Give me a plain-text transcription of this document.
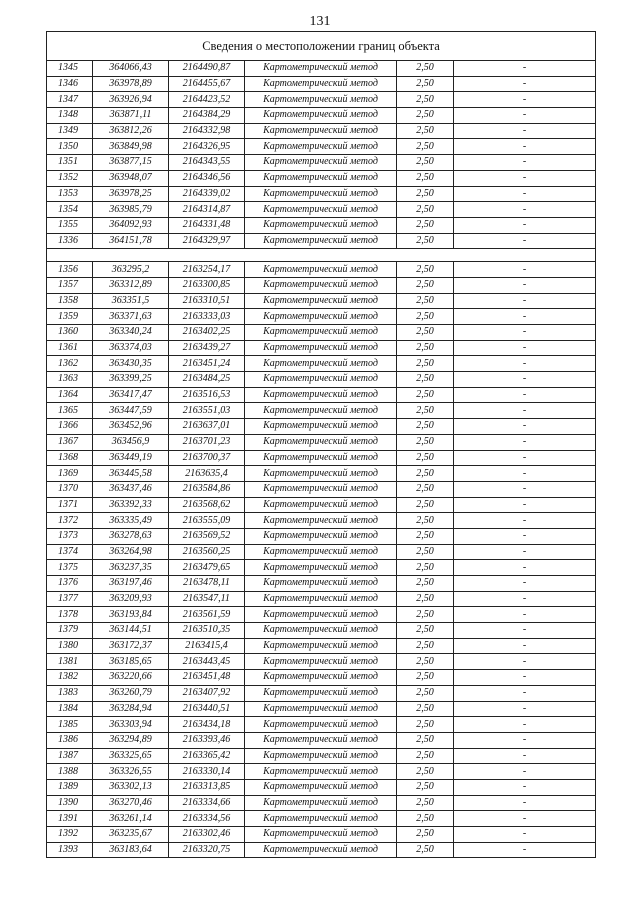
131
Сведения о местоположении границ объекта					
1345	364066,43	2164490,87	Картометрический метод	2,50	-
1346	363978,89	2164455,67	Картометрический метод	2,50	-
1347	363926,94	2164423,52	Картометрический метод	2,50	-
1348	363871,11	2164384,29	Картометрический метод	2,50	-
1349	363812,26	2164332,98	Картометрический метод	2,50	-
1350	363849,98	2164326,95	Картометрический метод	2,50	-
1351	363877,15	2164343,55	Картометрический метод	2,50	-
1352	363948,07	2164346,56	Картометрический метод	2,50	-
1353	363978,25	2164339,02	Картометрический метод	2,50	-
1354	363985,79	2164314,87	Картометрический метод	2,50	-
1355	364092,93	2164331,48	Картометрический метод	2,50	-
1336	364151,78	2164329,97	Картометрический метод	2,50	-

1356	363295,2	2163254,17	Картометрический метод	2,50	-
1357	363312,89	2163300,85	Картометрический метод	2,50	-
1358	363351,5	2163310,51	Картометрический метод	2,50	-
1359	363371,63	2163333,03	Картометрический метод	2,50	-
1360	363340,24	2163402,25	Картометрический метод	2,50	-
1361	363374,03	2163439,27	Картометрический метод	2,50	-
1362	363430,35	2163451,24	Картометрический метод	2,50	-
1363	363399,25	2163484,25	Картометрический метод	2,50	-
1364	363417,47	2163516,53	Картометрический метод	2,50	-
1365	363447,59	2163551,03	Картометрический метод	2,50	-
1366	363452,96	2163637,01	Картометрический метод	2,50	-
1367	363456,9	2163701,23	Картометрический метод	2,50	-
1368	363449,19	2163700,37	Картометрический метод	2,50	-
1369	363445,58	2163635,4	Картометрический метод	2,50	-
1370	363437,46	2163584,86	Картометрический метод	2,50	-
1371	363392,33	2163568,62	Картометрический метод	2,50	-
1372	363335,49	2163555,09	Картометрический метод	2,50	-
1373	363278,63	2163569,52	Картометрический метод	2,50	-
1374	363264,98	2163560,25	Картометрический метод	2,50	-
1375	363237,35	2163479,65	Картометрический метод	2,50	-
1376	363197,46	2163478,11	Картометрический метод	2,50	-
1377	363209,93	2163547,11	Картометрический метод	2,50	-
1378	363193,84	2163561,59	Картометрический метод	2,50	-
1379	363144,51	2163510,35	Картометрический метод	2,50	-
1380	363172,37	2163415,4	Картометрический метод	2,50	-
1381	363185,65	2163443,45	Картометрический метод	2,50	-
1382	363220,66	2163451,48	Картометрический метод	2,50	-
1383	363260,79	2163407,92	Картометрический метод	2,50	-
1384	363284,94	2163440,51	Картометрический метод	2,50	-
1385	363303,94	2163434,18	Картометрический метод	2,50	-
1386	363294,89	2163393,46	Картометрический метод	2,50	-
1387	363325,65	2163365,42	Картометрический метод	2,50	-
1388	363326,55	2163330,14	Картометрический метод	2,50	-
1389	363302,13	2163313,85	Картометрический метод	2,50	-
1390	363270,46	2163334,66	Картометрический метод	2,50	-
1391	363261,14	2163334,56	Картометрический метод	2,50	-
1392	363235,67	2163302,46	Картометрический метод	2,50	-
1393	363183,64	2163320,75	Картометрический метод	2,50	-
